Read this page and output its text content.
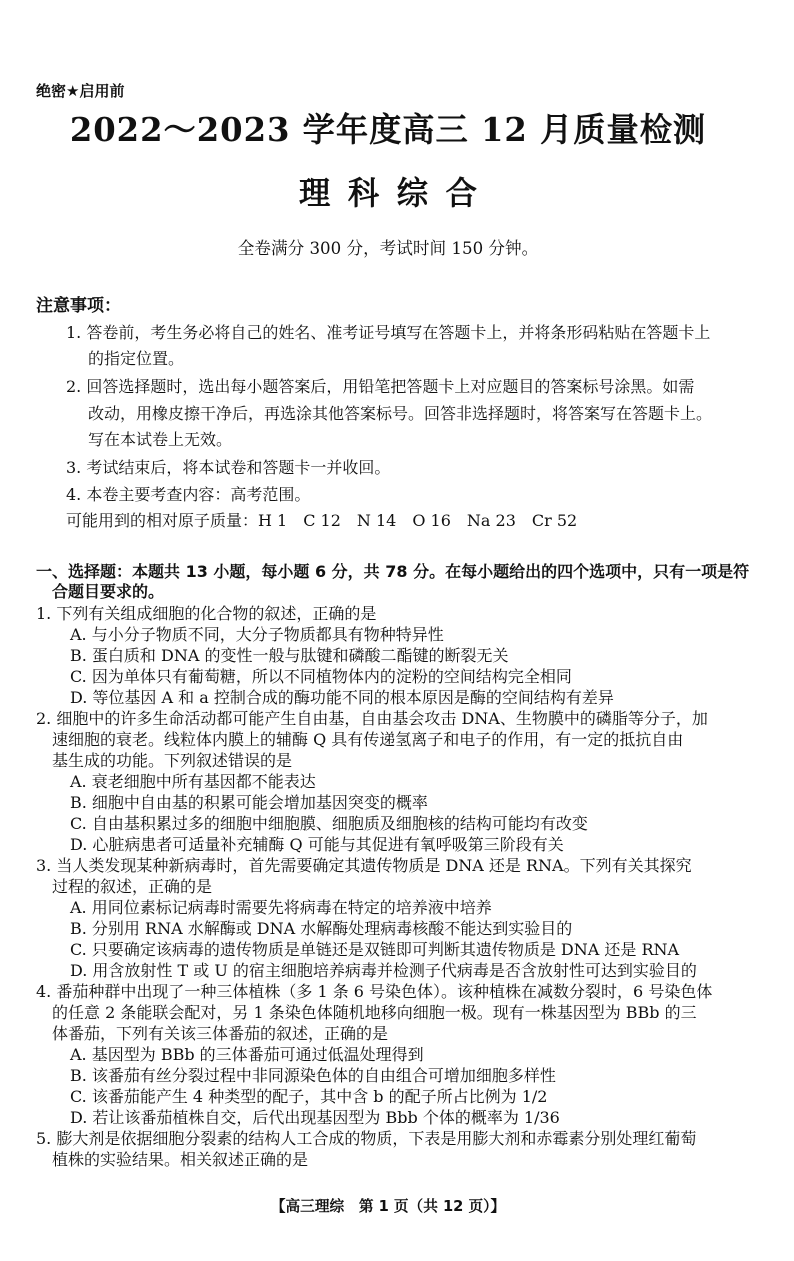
绝密★启用前
2022～2023 学年度高三 12 月质量检测
理科综合
全卷满分 300 分，考试时间 150 分钟。
注意事项：
1. 答卷前，考生务必将自己的姓名、准考证号填写在答题卡上，并将条形码粘贴在答题卡上
的指定位置。
2. 回答选择题时，选出每小题答案后，用铅笔把答题卡上对应题目的答案标号涂黑。如需
改动，用橡皮擦干净后，再选涂其他答案标号。回答非选择题时，将答案写在答题卡上。
写在本试卷上无效。
3. 考试结束后，将本试卷和答题卡一并收回。
4. 本卷主要考查内容：高考范围。
可能用到的相对原子质量：H 1　C 12　N 14　O 16　Na 23　Cr 52
一、选择题：本题共 13 小题，每小题 6 分，共 78 分。在每小题给出的四个选项中，只有一项是符
合题目要求的。
1. 下列有关组成细胞的化合物的叙述，正确的是
A. 与小分子物质不同，大分子物质都具有物种特异性
B. 蛋白质和 DNA 的变性一般与肽键和磷酸二酯键的断裂无关
C. 因为单体只有葡萄糖，所以不同植物体内的淀粉的空间结构完全相同
D. 等位基因 A 和 a 控制合成的酶功能不同的根本原因是酶的空间结构有差异
2. 细胞中的许多生命活动都可能产生自由基，自由基会攻击 DNA、生物膜中的磷脂等分子，加
速细胞的衰老。线粒体内膜上的辅酶 Q 具有传递氢离子和电子的作用，有一定的抵抗自由
基生成的功能。下列叙述错误的是
A. 衰老细胞中所有基因都不能表达
B. 细胞中自由基的积累可能会增加基因突变的概率
C. 自由基积累过多的细胞中细胞膜、细胞质及细胞核的结构可能均有改变
D. 心脏病患者可适量补充辅酶 Q 可能与其促进有氧呼吸第三阶段有关
3. 当人类发现某种新病毒时，首先需要确定其遗传物质是 DNA 还是 RNA。下列有关其探究
过程的叙述，正确的是
A. 用同位素标记病毒时需要先将病毒在特定的培养液中培养
B. 分别用 RNA 水解酶或 DNA 水解酶处理病毒核酸不能达到实验目的
C. 只要确定该病毒的遗传物质是单链还是双链即可判断其遗传物质是 DNA 还是 RNA
D. 用含放射性 T 或 U 的宿主细胞培养病毒并检测子代病毒是否含放射性可达到实验目的
4. 番茄种群中出现了一种三体植株（多 1 条 6 号染色体）。该种植株在减数分裂时，6 号染色体
的任意 2 条能联会配对，另 1 条染色体随机地移向细胞一极。现有一株基因型为 BBb 的三
体番茄，下列有关该三体番茄的叙述，正确的是
A. 基因型为 BBb 的三体番茄可通过低温处理得到
B. 该番茄有丝分裂过程中非同源染色体的自由组合可增加细胞多样性
C. 该番茄能产生 4 种类型的配子，其中含 b 的配子所占比例为 1/2
D. 若让该番茄植株自交，后代出现基因型为 Bbb 个体的概率为 1/36
5. 膨大剂是依据细胞分裂素的结构人工合成的物质，下表是用膨大剂和赤霉素分别处理红葡萄
植株的实验结果。相关叙述正确的是
【高三理综　第 1 页（共 12 页）】
